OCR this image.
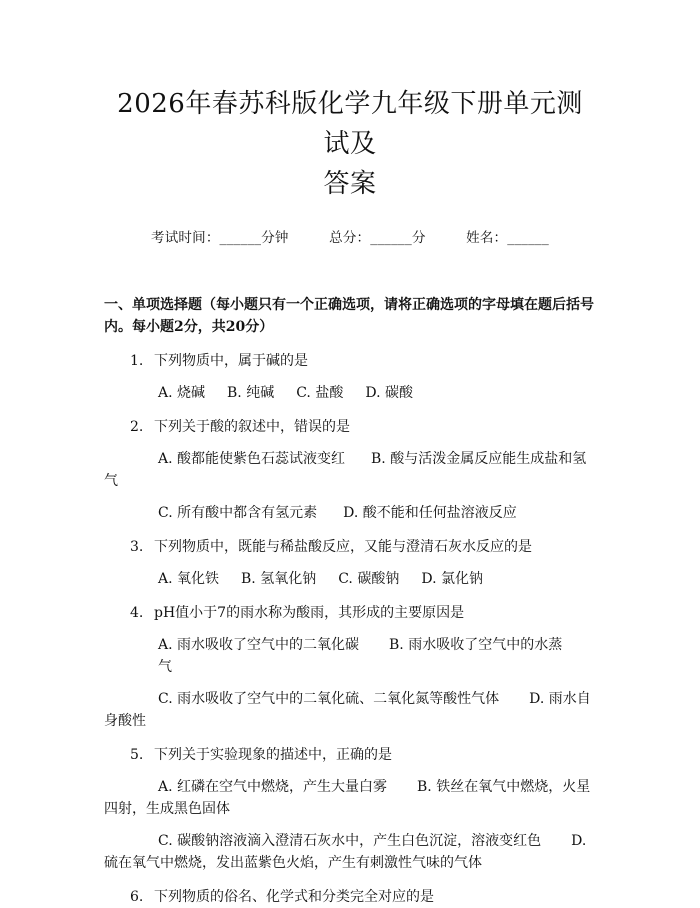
2026年春苏科版化学九年级下册单元测试及
答案
考试时间：______分钟	总分：______分	姓名：______
一、单项选择题（每小题只有一个正确选项，请将正确选项的字母填在题后括号
内。每小题2分，共20分）
1. 下列物质中，属于碱的是
A. 烧碱 B. 纯碱 C. 盐酸 D. 碳酸
2. 下列关于酸的叙述中，错误的是
A. 酸都能使紫色石蕊试液变红 B. 酸与活泼金属反应能生成盐和氢
气
C. 所有酸中都含有氢元素 D. 酸不能和任何盐溶液反应
3. 下列物质中，既能与稀盐酸反应，又能与澄清石灰水反应的是
A. 氧化铁 B. 氢氧化钠 C. 碳酸钠 D. 氯化钠
4. pH值小于7的雨水称为酸雨，其形成的主要原因是
A. 雨水吸收了空气中的二氧化碳 B. 雨水吸收了空气中的水蒸气
C. 雨水吸收了空气中的二氧化硫、二氧化氮等酸性气体 D. 雨水自
身酸性
5. 下列关于实验现象的描述中，正确的是
A. 红磷在空气中燃烧，产生大量白雾 B. 铁丝在氧气中燃烧，火星
四射，生成黑色固体
C. 碳酸钠溶液滴入澄清石灰水中，产生白色沉淀，溶液变红色 D.
硫在氧气中燃烧，发出蓝紫色火焰，产生有刺激性气味的气体
6. 下列物质的俗名、化学式和分类完全对应的是
